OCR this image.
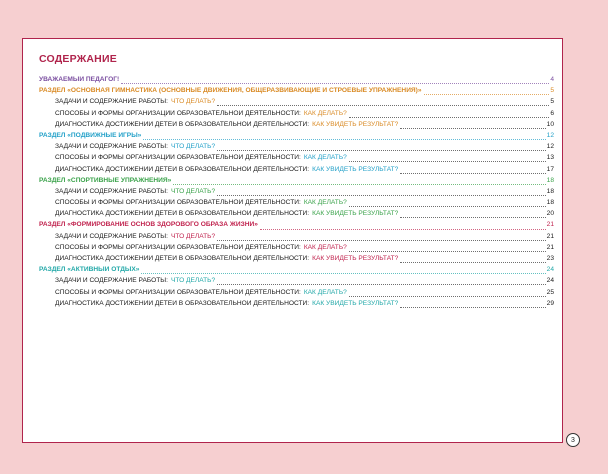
СОДЕРЖАНИЕ
УВАЖАЕМЫЙ ПЕДАГОГ!	4
РАЗДЕЛ «ОСНОВНАЯ ГИМНАСТИКА (ОСНОВНЫЕ ДВИЖЕНИЯ, ОБЩЕРАЗВИВАЮЩИЕ И СТРОЕВЫЕ УПРАЖНЕНИЯ)»	5
ЗАДАЧИ И СОДЕРЖАНИЕ РАБОТЫ: ЧТО ДЕЛАТЬ?	5
СПОСОБЫ И ФОРМЫ ОРГАНИЗАЦИИ ОБРАЗОВАТЕЛЬНОЙ ДЕЯТЕЛЬНОСТИ: КАК ДЕЛАТЬ?	6
ДИАГНОСТИКА ДОСТИЖЕНИЙ ДЕТЕЙ В ОБРАЗОВАТЕЛЬНОЙ ДЕЯТЕЛЬНОСТИ: КАК УВИДЕТЬ РЕЗУЛЬТАТ?	10
РАЗДЕЛ «ПОДВИЖНЫЕ ИГРЫ»	12
ЗАДАЧИ И СОДЕРЖАНИЕ РАБОТЫ: ЧТО ДЕЛАТЬ?	12
СПОСОБЫ И ФОРМЫ ОРГАНИЗАЦИИ ОБРАЗОВАТЕЛЬНОЙ ДЕЯТЕЛЬНОСТИ: КАК ДЕЛАТЬ?	13
ДИАГНОСТИКА ДОСТИЖЕНИЙ ДЕТЕЙ В ОБРАЗОВАТЕЛЬНОЙ ДЕЯТЕЛЬНОСТИ: КАК УВИДЕТЬ РЕЗУЛЬТАТ?	17
РАЗДЕЛ «СПОРТИВНЫЕ УПРАЖНЕНИЯ»	18
ЗАДАЧИ И СОДЕРЖАНИЕ РАБОТЫ: ЧТО ДЕЛАТЬ?	18
СПОСОБЫ И ФОРМЫ ОРГАНИЗАЦИИ ОБРАЗОВАТЕЛЬНОЙ ДЕЯТЕЛЬНОСТИ: КАК ДЕЛАТЬ?	18
ДИАГНОСТИКА ДОСТИЖЕНИЙ ДЕТЕЙ В ОБРАЗОВАТЕЛЬНОЙ ДЕЯТЕЛЬНОСТИ: КАК УВИДЕТЬ РЕЗУЛЬТАТ?	20
РАЗДЕЛ «ФОРМИРОВАНИЕ ОСНОВ ЗДОРОВОГО ОБРАЗА ЖИЗНИ»	21
ЗАДАЧИ И СОДЕРЖАНИЕ РАБОТЫ: ЧТО ДЕЛАТЬ?	21
СПОСОБЫ И ФОРМЫ ОРГАНИЗАЦИИ ОБРАЗОВАТЕЛЬНОЙ ДЕЯТЕЛЬНОСТИ: КАК ДЕЛАТЬ?	21
ДИАГНОСТИКА ДОСТИЖЕНИЙ ДЕТЕЙ В ОБРАЗОВАТЕЛЬНОЙ ДЕЯТЕЛЬНОСТИ: КАК УВИДЕТЬ РЕЗУЛЬТАТ?	23
РАЗДЕЛ «АКТИВНЫЙ ОТДЫХ»	24
ЗАДАЧИ И СОДЕРЖАНИЕ РАБОТЫ: ЧТО ДЕЛАТЬ?	24
СПОСОБЫ И ФОРМЫ ОРГАНИЗАЦИИ ОБРАЗОВАТЕЛЬНОЙ ДЕЯТЕЛЬНОСТИ: КАК ДЕЛАТЬ?	25
ДИАГНОСТИКА ДОСТИЖЕНИЙ ДЕТЕЙ В ОБРАЗОВАТЕЛЬНОЙ ДЕЯТЕЛЬНОСТИ: КАК УВИДЕТЬ РЕЗУЛЬТАТ?	29
3
